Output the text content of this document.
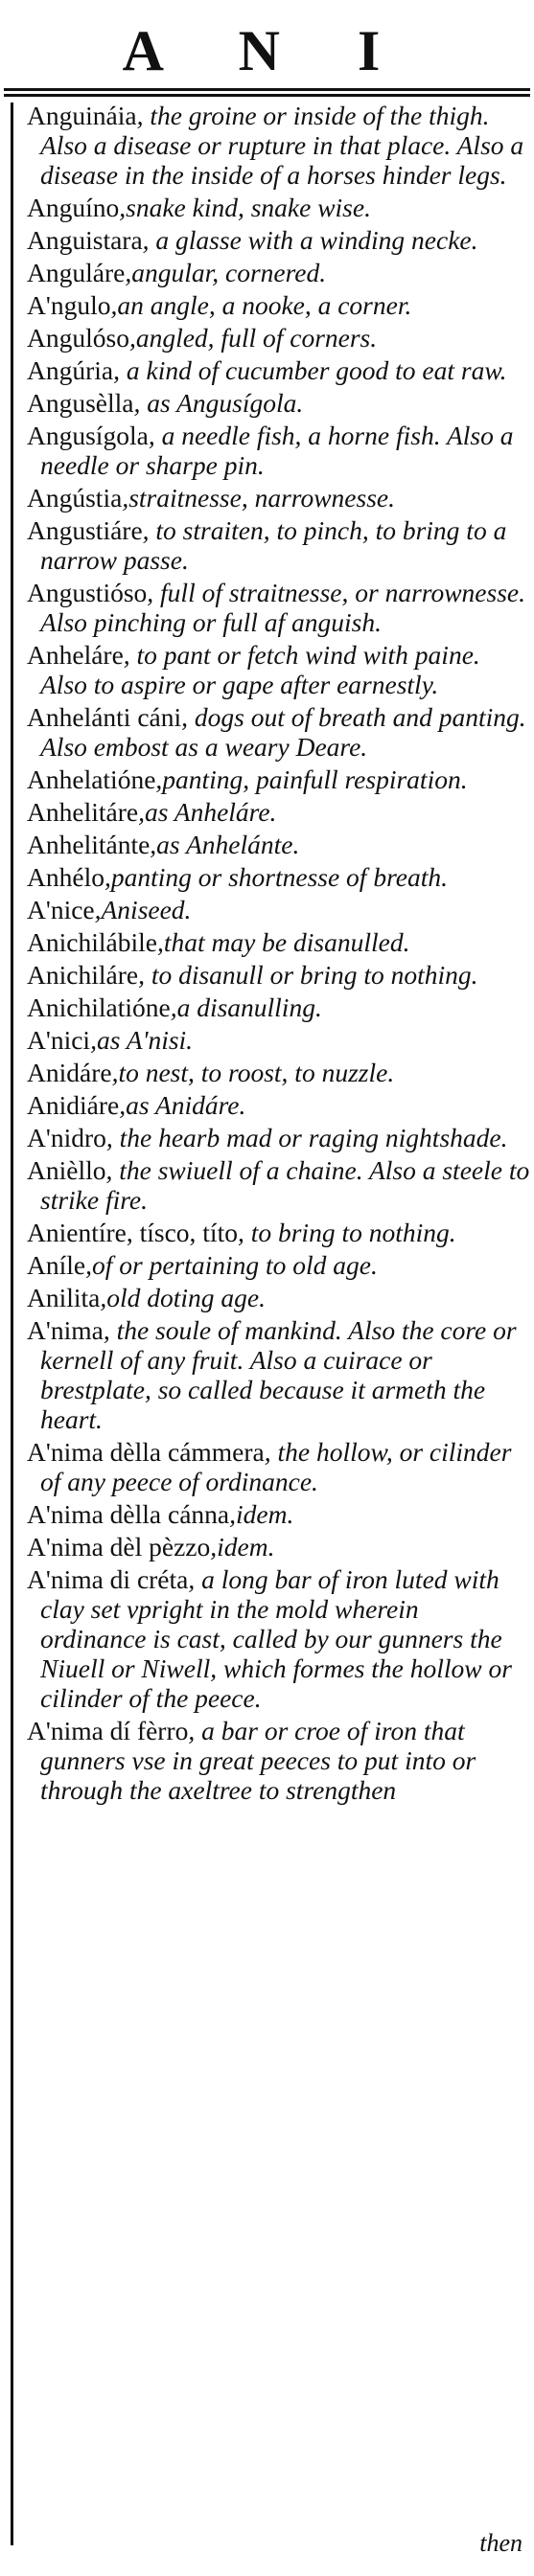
A N I
Anguináia, the groine or inside of the thigh. Also a disease or rupture in that place. Also a disease in the inside of a horses hinder legs.
Anguíno,snake kind, snake wise.
Anguistara, a glasse with a winding necke.
Anguláre,angular, cornered.
A'ngulo,an angle, a nooke, a corner.
Angulóso,angled, full of corners.
Angúria, a kind of cucumber good to eat raw.
Angusèlla, as Angusígola.
Angusígola, a needle fish, a horne fish. Also a needle or sharpe pin.
Angústia,straitnesse, narrownesse.
Angustiáre, to straiten, to pinch, to bring to a narrow passe.
Angustióso, full of straitnesse, or narrownesse. Also pinching or full af anguish.
Anheláre, to pant or fetch wind with paine. Also to aspire or gape after earnestly.
Anhelánti cáni, dogs out of breath and panting. Also embost as a weary Deare.
Anhelatióne,panting, painfull respiration.
Anhelitáre,as Anheláre.
Anhelitánte,as Anhelánte.
Anhélo,panting or shortnesse of breath.
A'nice,Aniseed.
Anichilábile,that may be disanulled.
Anichiláre, to disanull or bring to nothing.
Anichilatióne,a disanulling.
A'nici,as A'nisi.
Anidáre,to nest, to roost, to nuzzle.
Anidiáre,as Anidáre.
A'nidro, the hearb mad or raging nightshade.
Anièllo, the swiuell of a chaine. Also a steele to strike fire.
Anientíre, tísco, títo, to bring to nothing.
Aníle,of or pertaining to old age.
Anilita,old doting age.
A'nima, the soule of mankind. Also the core or kernell of any fruit. Also a cuirace or brestplate, so called because it armeth the heart.
A'nima dèlla cámmera, the hollow, or cilinder of any peece of ordinance.
A'nima dèlla cánna,idem.
A'nima dèl pèzzo,idem.
A'nima di créta, a long bar of iron luted with clay set vpright in the mold wherein ordinance is cast, called by our gunners the Niuell or Niwell, which formes the hollow or cilinder of the peece.
A'nima dí fèrro, a bar or croe of iron that gunners vse in great peeces to put into or through the axeltree to strengthen
then
